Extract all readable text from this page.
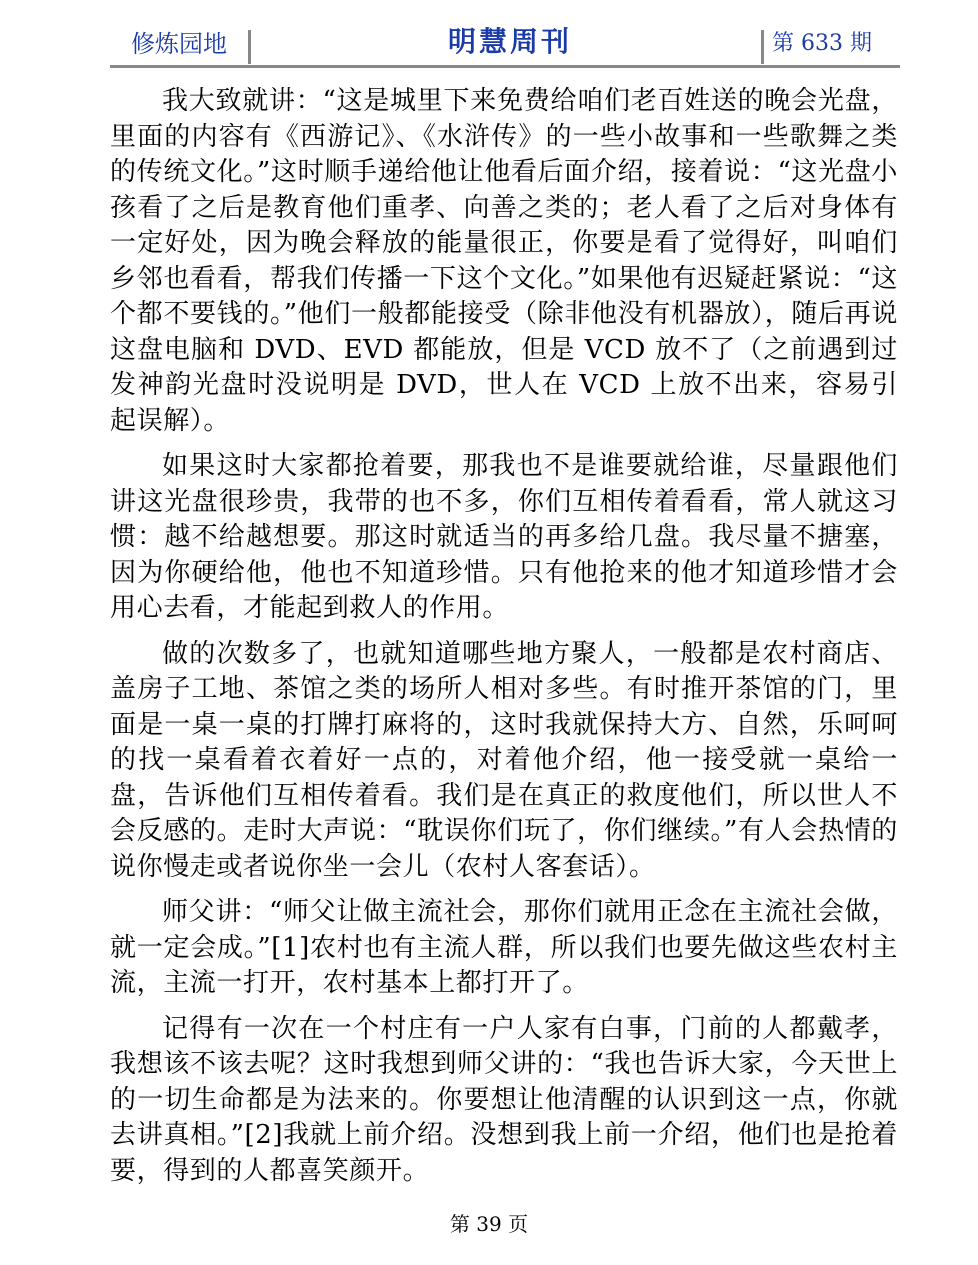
修炼园地	明慧周刊	第 633 期

我大致就讲：“这是城里下来免费给咱们老百姓送的晚会光盘，里面的内容有《西游记》、《水浒传》的一些小故事和一些歌舞之类的传统文化。”这时顺手递给他让他看后面介绍，接着说：“这光盘小孩看了之后是教育他们重孝、向善之类的；老人看了之后对身体有一定好处，因为晚会释放的能量很正，你要是看了觉得好，叫咱们乡邻也看看，帮我们传播一下这个文化。”如果他有迟疑赶紧说：“这个都不要钱的。”他们一般都能接受（除非他没有机器放），随后再说这盘电脑和 DVD、EVD 都能放，但是 VCD 放不了（之前遇到过发神韵光盘时没说明是 DVD，世人在 VCD 上放不出来，容易引起误解）。

如果这时大家都抢着要，那我也不是谁要就给谁，尽量跟他们讲这光盘很珍贵，我带的也不多，你们互相传着看看，常人就这习惯：越不给越想要。那这时就适当的再多给几盘。我尽量不搪塞，因为你硬给他，他也不知道珍惜。只有他抢来的他才知道珍惜才会用心去看，才能起到救人的作用。

做的次数多了，也就知道哪些地方聚人，一般都是农村商店、盖房子工地、茶馆之类的场所人相对多些。有时推开茶馆的门，里面是一桌一桌的打牌打麻将的，这时我就保持大方、自然，乐呵呵的找一桌看着衣着好一点的，对着他介绍，他一接受就一桌给一盘，告诉他们互相传着看。我们是在真正的救度他们，所以世人不会反感的。走时大声说：“耽误你们玩了，你们继续。”有人会热情的说你慢走或者说你坐一会儿（农村人客套话）。

师父讲：“师父让做主流社会，那你们就用正念在主流社会做，就一定会成。”[1]农村也有主流人群，所以我们也要先做这些农村主流，主流一打开，农村基本上都打开了。

记得有一次在一个村庄有一户人家有白事，门前的人都戴孝，我想该不该去呢？这时我想到师父讲的：“我也告诉大家，今天世上的一切生命都是为法来的。你要想让他清醒的认识到这一点，你就去讲真相。”[2]我就上前介绍。没想到我上前一介绍，他们也是抢着要，得到的人都喜笑颜开。

第 39 页
